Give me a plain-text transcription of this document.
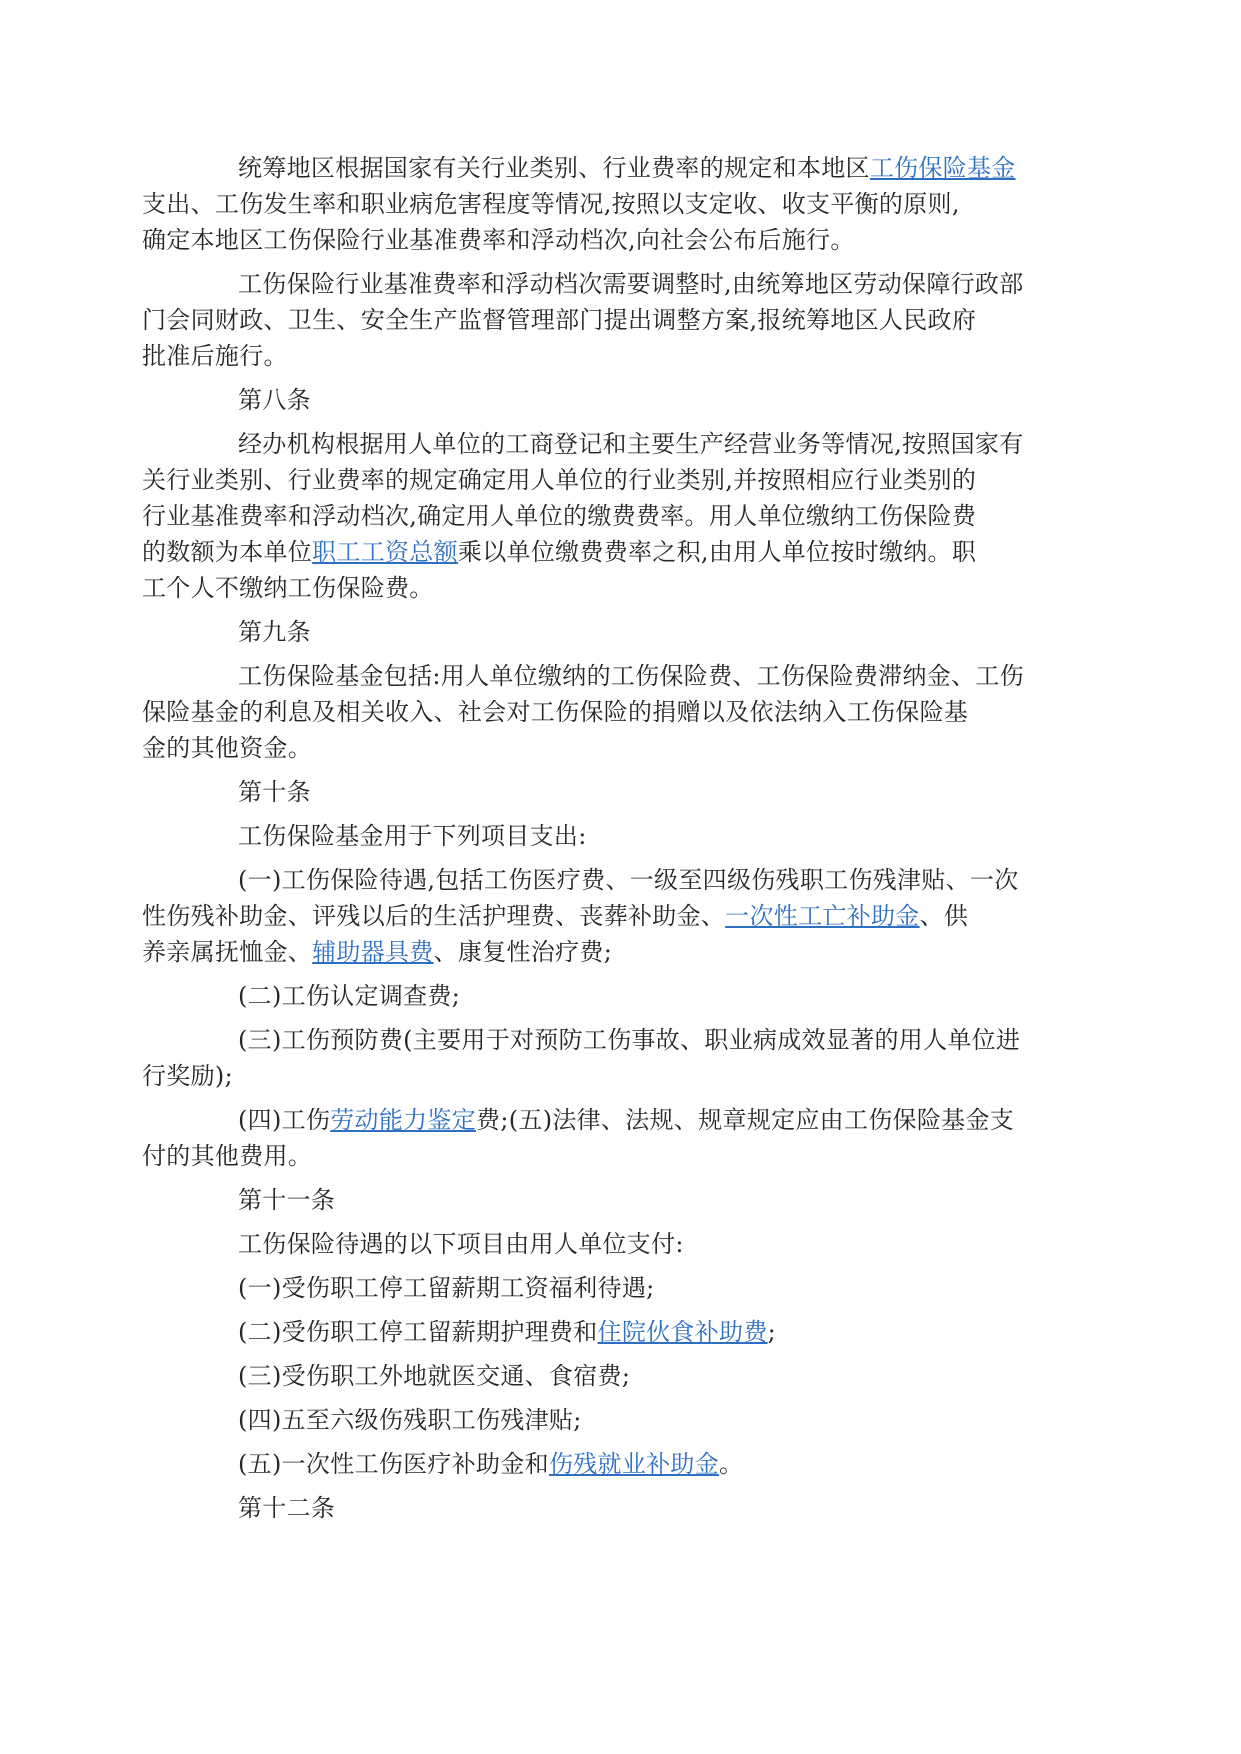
统筹地区根据国家有关行业类别、行业费率的规定和本地区工伤保险基金
支出、工伤发生率和职业病危害程度等情况,按照以支定收、收支平衡的原则,
确定本地区工伤保险行业基准费率和浮动档次,向社会公布后施行。

工伤保险行业基准费率和浮动档次需要调整时,由统筹地区劳动保障行政部
门会同财政、卫生、安全生产监督管理部门提出调整方案,报统筹地区人民政府
批准后施行。

第八条

经办机构根据用人单位的工商登记和主要生产经营业务等情况,按照国家有
关行业类别、行业费率的规定确定用人单位的行业类别,并按照相应行业类别的
行业基准费率和浮动档次,确定用人单位的缴费费率。用人单位缴纳工伤保险费
的数额为本单位职工工资总额乘以单位缴费费率之积,由用人单位按时缴纳。职
工个人不缴纳工伤保险费。

第九条

工伤保险基金包括:用人单位缴纳的工伤保险费、工伤保险费滞纳金、工伤
保险基金的利息及相关收入、社会对工伤保险的捐赠以及依法纳入工伤保险基
金的其他资金。

第十条

工伤保险基金用于下列项目支出:

(一)工伤保险待遇,包括工伤医疗费、一级至四级伤残职工伤残津贴、一次
性伤残补助金、评残以后的生活护理费、丧葬补助金、一次性工亡补助金、供
养亲属抚恤金、辅助器具费、康复性治疗费;

(二)工伤认定调查费;

(三)工伤预防费(主要用于对预防工伤事故、职业病成效显著的用人单位进
行奖励);

(四)工伤劳动能力鉴定费;(五)法律、法规、规章规定应由工伤保险基金支
付的其他费用。

第十一条

工伤保险待遇的以下项目由用人单位支付:

(一)受伤职工停工留薪期工资福利待遇;

(二)受伤职工停工留薪期护理费和住院伙食补助费;

(三)受伤职工外地就医交通、食宿费;

(四)五至六级伤残职工伤残津贴;

(五)一次性工伤医疗补助金和伤残就业补助金。

第十二条
